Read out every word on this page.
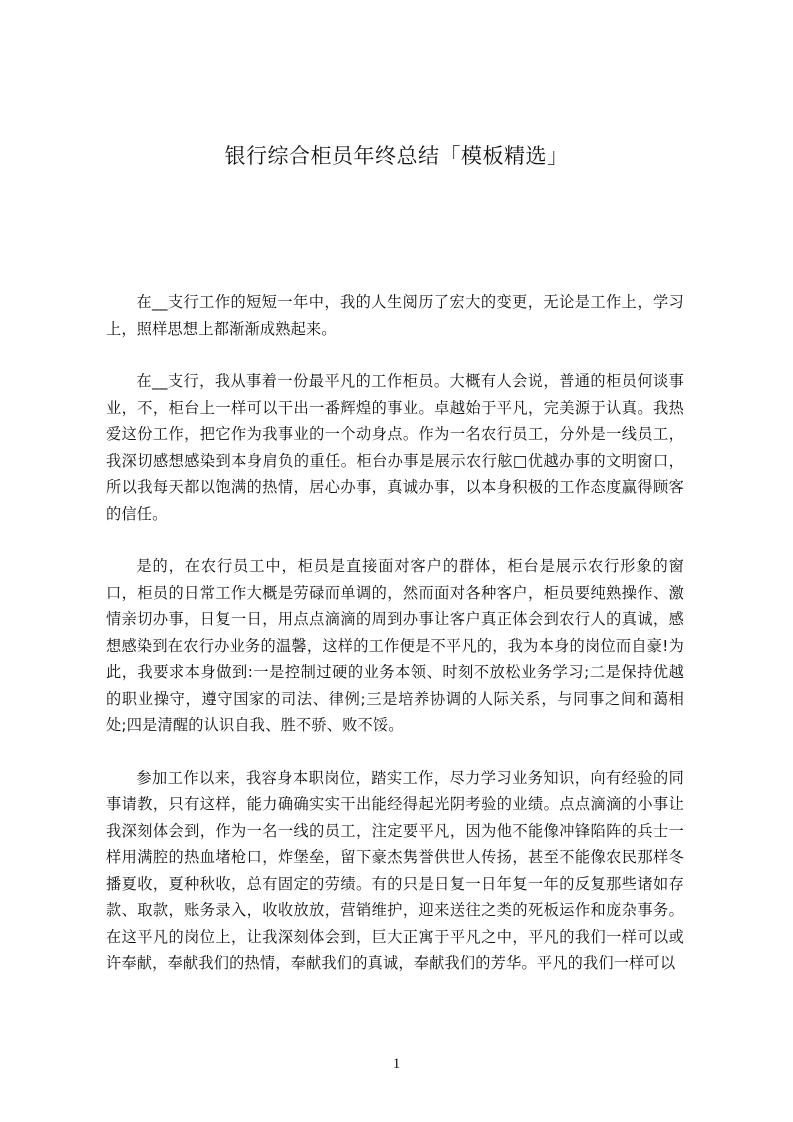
银行综合柜员年终总结「模板精选」

在__支行工作的短短一年中，我的人生阅历了宏大的变更，无论是工作上，学习上，照样思想上都渐渐成熟起来。

在__支行，我从事着一份最平凡的工作柜员。大概有人会说，普通的柜员何谈事业，不，柜台上一样可以干出一番辉煌的事业。卓越始于平凡，完美源于认真。我热爱这份工作，把它作为我事业的一个动身点。作为一名农行员工，分外是一线员工，我深切感想感染到本身肩负的重任。柜台办事是展示农行舷□优越办事的文明窗口，所以我每天都以饱满的热情，居心办事，真诚办事，以本身积极的工作态度赢得顾客的信任。

是的，在农行员工中，柜员是直接面对客户的群体，柜台是展示农行形象的窗口，柜员的日常工作大概是劳碌而单调的，然而面对各种客户，柜员要纯熟操作、激情亲切办事，日复一日，用点点滴滴的周到办事让客户真正体会到农行人的真诚，感想感染到在农行办业务的温馨，这样的工作便是不平凡的，我为本身的岗位而自豪!为此，我要求本身做到:一是控制过硬的业务本领、时刻不放松业务学习;二是保持优越的职业操守，遵守国家的司法、律例;三是培养协调的人际关系，与同事之间和蔼相处;四是清醒的认识自我、胜不骄、败不馁。

参加工作以来，我容身本职岗位，踏实工作，尽力学习业务知识，向有经验的同事请教，只有这样，能力确确实实干出能经得起光阴考验的业绩。点点滴滴的小事让我深刻体会到，作为一名一线的员工，注定要平凡，因为他不能像冲锋陷阵的兵士一样用满腔的热血堵枪口，炸堡垒，留下豪杰隽誉供世人传扬，甚至不能像农民那样冬播夏收，夏种秋收，总有固定的劳绩。有的只是日复一日年复一年的反复那些诸如存款、取款，账务录入，收收放放，营销维护，迎来送往之类的死板运作和庞杂事务。在这平凡的岗位上，让我深刻体会到，巨大正寓于平凡之中，平凡的我们一样可以或许奉献，奉献我们的热情，奉献我们的真诚，奉献我们的芳华。平凡的我们一样可以

1
